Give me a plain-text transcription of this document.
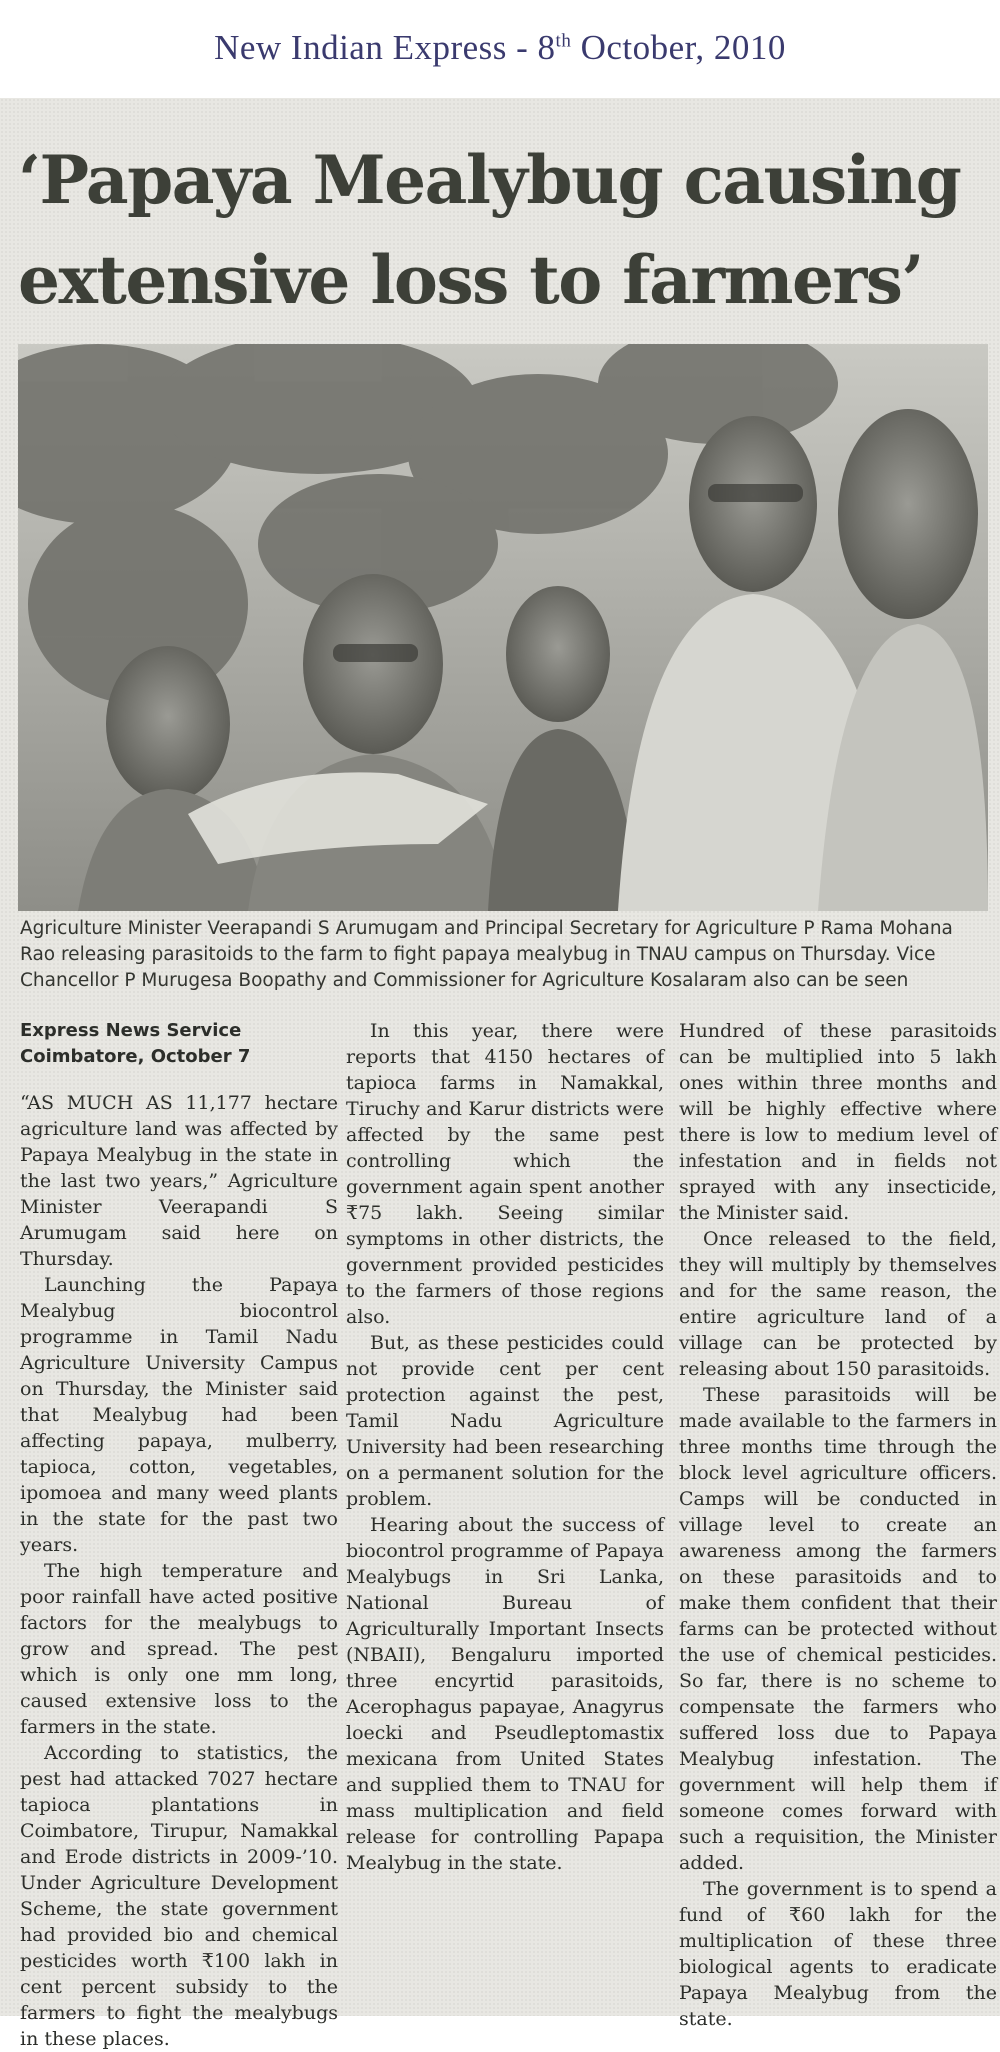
New Indian Express - 8th October, 2010
‘Papaya Mealybug causing
extensive loss to farmers’
Agriculture Minister Veerapandi S Arumugam and Principal Secretary for Agriculture P Rama Mohana Rao releasing parasitoids to the farm to fight papaya mealybug in TNAU campus on Thursday. Vice Chancellor P Murugesa Boopathy and Commissioner for Agriculture Kosalaram also can be seen
Express News Service
Coimbatore, October 7

“AS MUCH AS 11,177 hectare agriculture land was affected by Papaya Mealybug in the state in the last two years,” Agriculture Minister Veerapandi S Arumugam said here on Thursday.

Launching the Papaya Mealybug biocontrol programme in Tamil Nadu Agriculture University Campus on Thursday, the Minister said that Mealybug had been affecting papaya, mulberry, tapioca, cotton, vegetables, ipomoea and many weed plants in the state for the past two years.

The high temperature and poor rainfall have acted positive factors for the mealybugs to grow and spread. The pest which is only one mm long, caused extensive loss to the farmers in the state.

According to statistics, the pest had attacked 7027 hectare tapioca plantations in Coimbatore, Tirupur, Namakkal and Erode districts in 2009-’10. Under Agriculture Development Scheme, the state government had provided bio and chemical pesticides worth ₹100 lakh in cent percent subsidy to the farmers to fight the mealybugs in these places.

In this year, there were reports that 4150 hectares of tapioca farms in Namakkal, Tiruchy and Karur districts were affected by the same pest controlling which the government again spent another ₹75 lakh. Seeing similar symptoms in other districts, the government provided pesticides to the farmers of those regions also.

But, as these pesticides could not provide cent per cent protection against the pest, Tamil Nadu Agriculture University had been researching on a permanent solution for the problem.

Hearing about the success of biocontrol programme of Papaya Mealybugs in Sri Lanka, National Bureau of Agriculturally Important Insects (NBAII), Bengaluru imported three encyrtid parasitoids, Acerophagus papayae, Anagyrus loecki and Pseudleptomastix mexicana from United States and supplied them to TNAU for mass multiplication and field release for controlling Papapa Mealybug in the state.

Hundred of these parasitoids can be multiplied into 5 lakh ones within three months and will be highly effective where there is low to medium level of infestation and in fields not sprayed with any insecticide, the Minister said.

Once released to the field, they will multiply by themselves and for the same reason, the entire agriculture land of a village can be protected by releasing about 150 parasitoids.

These parasitoids will be made available to the farmers in three months time through the block level agriculture officers. Camps will be conducted in village level to create an awareness among the farmers on these parasitoids and to make them confident that their farms can be protected without the use of chemical pesticides. So far, there is no scheme to compensate the farmers who suffered loss due to Papaya Mealybug infestation. The government will help them if someone comes forward with such a requisition, the Minister added.

The government is to spend a fund of ₹60 lakh for the multiplication of these three biological agents to eradicate Papaya Mealybug from the state.
